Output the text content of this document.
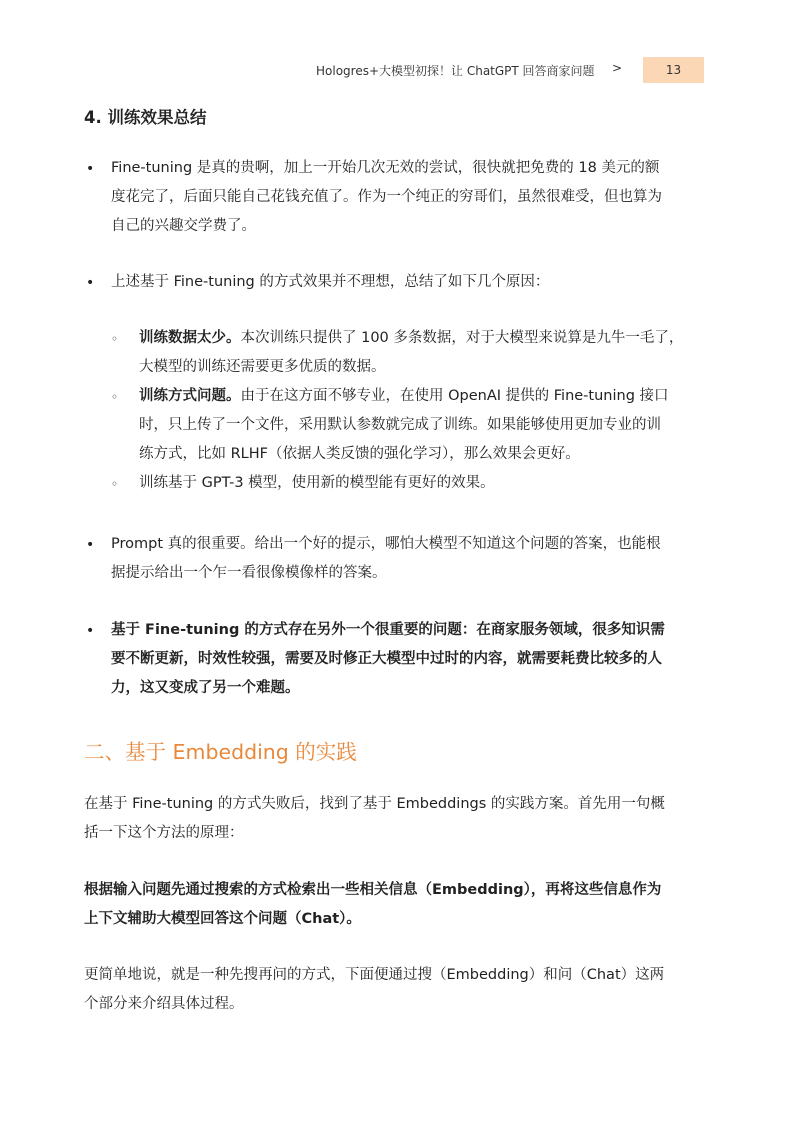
Hologres+大模型初探！让 ChatGPT 回答商家问题 >	13
4. 训练效果总结
• Fine-tuning 是真的贵啊，加上一开始几次无效的尝试，很快就把免费的 18 美元的额
度花完了，后面只能自己花钱充值了。作为一个纯正的穷哥们，虽然很难受，但也算为
自己的兴趣交学费了。
• 上述基于 Fine-tuning 的方式效果并不理想，总结了如下几个原因：
◦ 训练数据太少。本次训练只提供了 100 多条数据，对于大模型来说算是九牛一毛了，
大模型的训练还需要更多优质的数据。
◦ 训练方式问题。由于在这方面不够专业，在使用 OpenAI 提供的 Fine-tuning 接口
时，只上传了一个文件，采用默认参数就完成了训练。如果能够使用更加专业的训
练方式，比如 RLHF（依据人类反馈的强化学习），那么效果会更好。
◦ 训练基于 GPT-3 模型，使用新的模型能有更好的效果。
• Prompt 真的很重要。给出一个好的提示，哪怕大模型不知道这个问题的答案，也能根
据提示给出一个乍一看很像模像样的答案。
• 基于 Fine-tuning 的方式存在另外一个很重要的问题：在商家服务领域，很多知识需
要不断更新，时效性较强，需要及时修正大模型中过时的内容，就需要耗费比较多的人
力，这又变成了另一个难题。
二、基于 Embedding 的实践
在基于 Fine-tuning 的方式失败后，找到了基于 Embeddings 的实践方案。首先用一句概
括一下这个方法的原理：
根据输入问题先通过搜索的方式检索出一些相关信息（Embedding），再将这些信息作为
上下文辅助大模型回答这个问题（Chat）。
更简单地说，就是一种先搜再问的方式，下面便通过搜（Embedding）和问（Chat）这两
个部分来介绍具体过程。
